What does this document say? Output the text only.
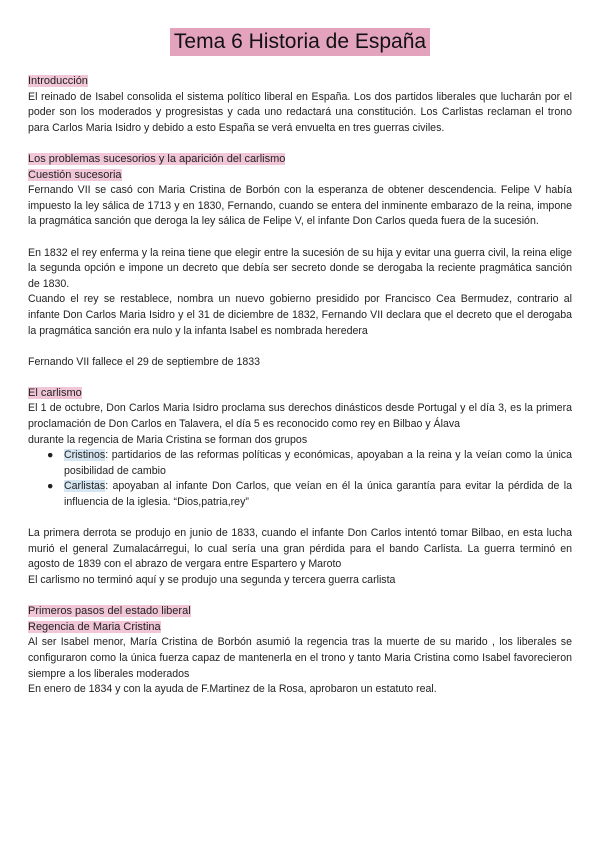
Tema 6 Historia de España

Introducción

El reinado de Isabel consolida el sistema político liberal en España. Los dos partidos liberales que lucharán por el poder son los moderados y progresistas y cada uno redactará una constitución. Los Carlistas reclaman el trono para Carlos Maria Isidro y debido a esto España se verá envuelta en tres guerras civiles.

Los problemas sucesorios y la aparición del carlismo

Cuestión sucesoria

Fernando VII se casó con Maria Cristina de Borbón con la esperanza de obtener descendencia. Felipe V había impuesto la ley sálica de 1713 y en 1830, Fernando, cuando se entera del inminente embarazo de la reina, impone la pragmática sanción que deroga la ley sálica de Felipe V, el infante Don Carlos queda fuera de la sucesión.

En 1832 el rey enferma y la reina tiene que elegir entre la sucesión de su hija y evitar una guerra civil, la reina elige la segunda opción e impone un decreto que debía ser secreto donde se derogaba la reciente pragmática sanción de 1830.

Cuando el rey se restablece, nombra un nuevo gobierno presidido por Francisco Cea Bermudez, contrario al infante Don Carlos Maria Isidro y el 31 de diciembre de 1832, Fernando VII declara que el decreto que el derogaba la pragmática sanción era nulo y la infanta Isabel es nombrada heredera

Fernando VII fallece el 29 de septiembre de 1833

El carlismo

El 1 de octubre, Don Carlos Maria Isidro proclama sus derechos dinásticos desde Portugal y el día 3, es la primera proclamación de Don Carlos en Talavera, el día 5 es reconocido como rey en Bilbao y Álava

durante la regencia de Maria Cristina se forman dos grupos

● Cristinos: partidarios de las reformas políticas y económicas, apoyaban a la reina y la veían como la única posibilidad de cambio
● Carlistas: apoyaban al infante Don Carlos, que veían en él la única garantía para evitar la pérdida de la influencia de la iglesia. “Dios,patria,rey”

La primera derrota se produjo en junio de 1833, cuando el infante Don Carlos intentó tomar Bilbao, en esta lucha murió el general Zumalacárregui, lo cual sería una gran pérdida para el bando Carlista. La guerra terminó en agosto de 1839 con el abrazo de vergara entre Espartero y Maroto

El carlismo no terminó aquí y se produjo una segunda y tercera guerra carlista

Primeros pasos del estado liberal

Regencia de Maria Cristina

Al ser Isabel menor, María Cristina de Borbón asumió la regencia tras la muerte de su marido , los liberales se configuraron como la única fuerza capaz de mantenerla en el trono y tanto Maria Cristina como Isabel favorecieron siempre a los liberales moderados

En enero de 1834 y con la ayuda de F.Martinez de la Rosa, aprobaron un estatuto real.
